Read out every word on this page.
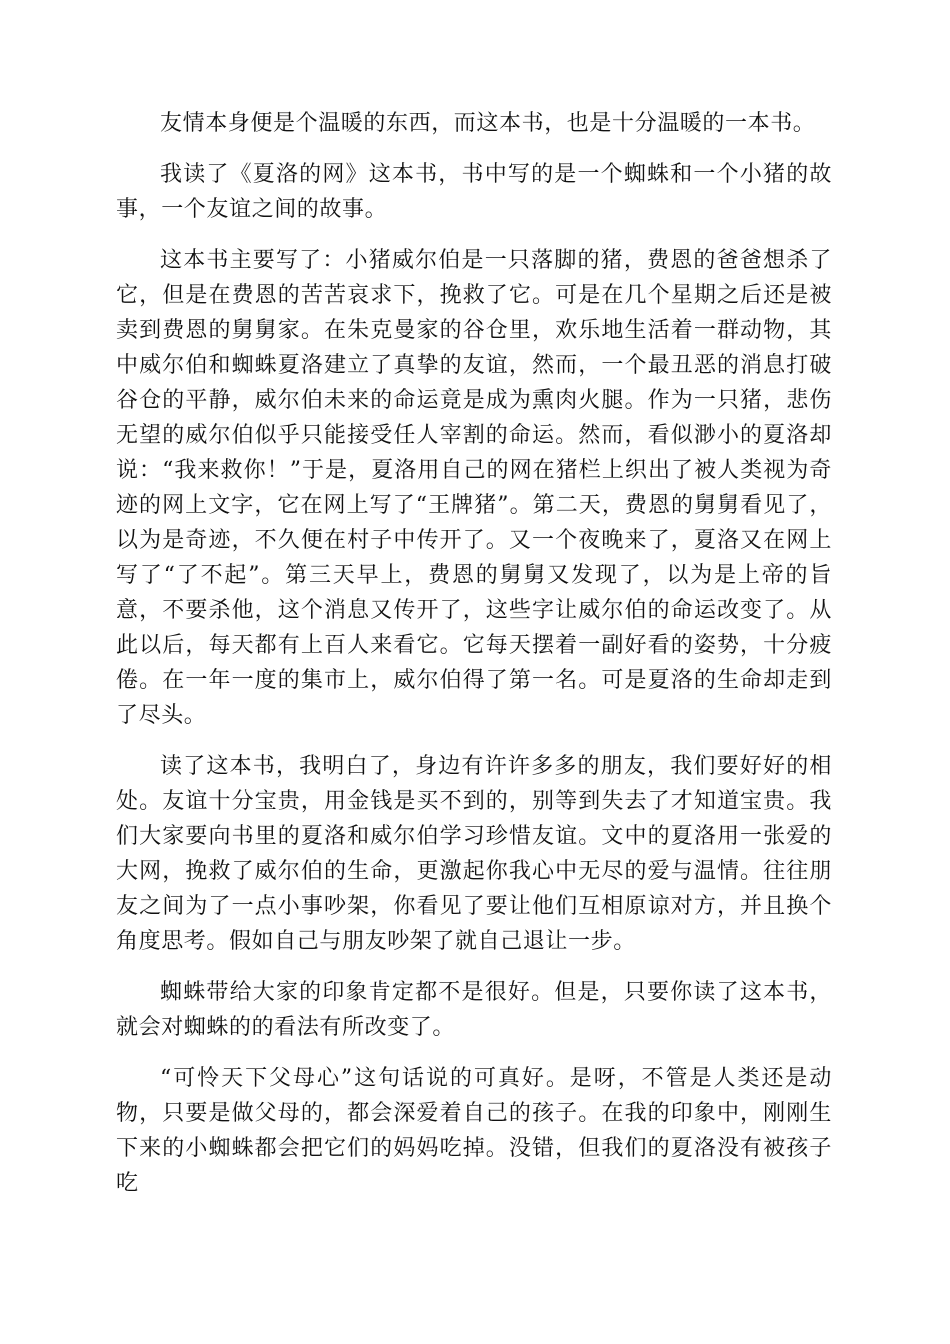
友情本身便是个温暖的东西，而这本书，也是十分温暖的一本书。

我读了《夏洛的网》这本书，书中写的是一个蜘蛛和一个小猪的故事，一个友谊之间的故事。

这本书主要写了：小猪威尔伯是一只落脚的猪，费恩的爸爸想杀了它，但是在费恩的苦苦哀求下，挽救了它。可是在几个星期之后还是被卖到费恩的舅舅家。在朱克曼家的谷仓里，欢乐地生活着一群动物，其中威尔伯和蜘蛛夏洛建立了真挚的友谊，然而，一个最丑恶的消息打破谷仓的平静，威尔伯未来的命运竟是成为熏肉火腿。作为一只猪，悲伤无望的威尔伯似乎只能接受任人宰割的命运。然而，看似渺小的夏洛却说：“我来救你！”于是，夏洛用自己的网在猪栏上织出了被人类视为奇迹的网上文字，它在网上写了“王牌猪”。第二天，费恩的舅舅看见了，以为是奇迹，不久便在村子中传开了。又一个夜晚来了，夏洛又在网上写了“了不起”。第三天早上，费恩的舅舅又发现了，以为是上帝的旨意，不要杀他，这个消息又传开了，这些字让威尔伯的命运改变了。从此以后，每天都有上百人来看它。它每天摆着一副好看的姿势，十分疲倦。在一年一度的集市上，威尔伯得了第一名。可是夏洛的生命却走到了尽头。

读了这本书，我明白了，身边有许许多多的朋友，我们要好好的相处。友谊十分宝贵，用金钱是买不到的，别等到失去了才知道宝贵。我们大家要向书里的夏洛和威尔伯学习珍惜友谊。文中的夏洛用一张爱的大网，挽救了威尔伯的生命，更激起你我心中无尽的爱与温情。往往朋友之间为了一点小事吵架，你看见了要让他们互相原谅对方，并且换个角度思考。假如自己与朋友吵架了就自己退让一步。

蜘蛛带给大家的印象肯定都不是很好。但是，只要你读了这本书，就会对蜘蛛的的看法有所改变了。

“可怜天下父母心”这句话说的可真好。是呀，不管是人类还是动物，只要是做父母的，都会深爱着自己的孩子。在我的印象中，刚刚生下来的小蜘蛛都会把它们的妈妈吃掉。没错，但我们的夏洛没有被孩子吃
